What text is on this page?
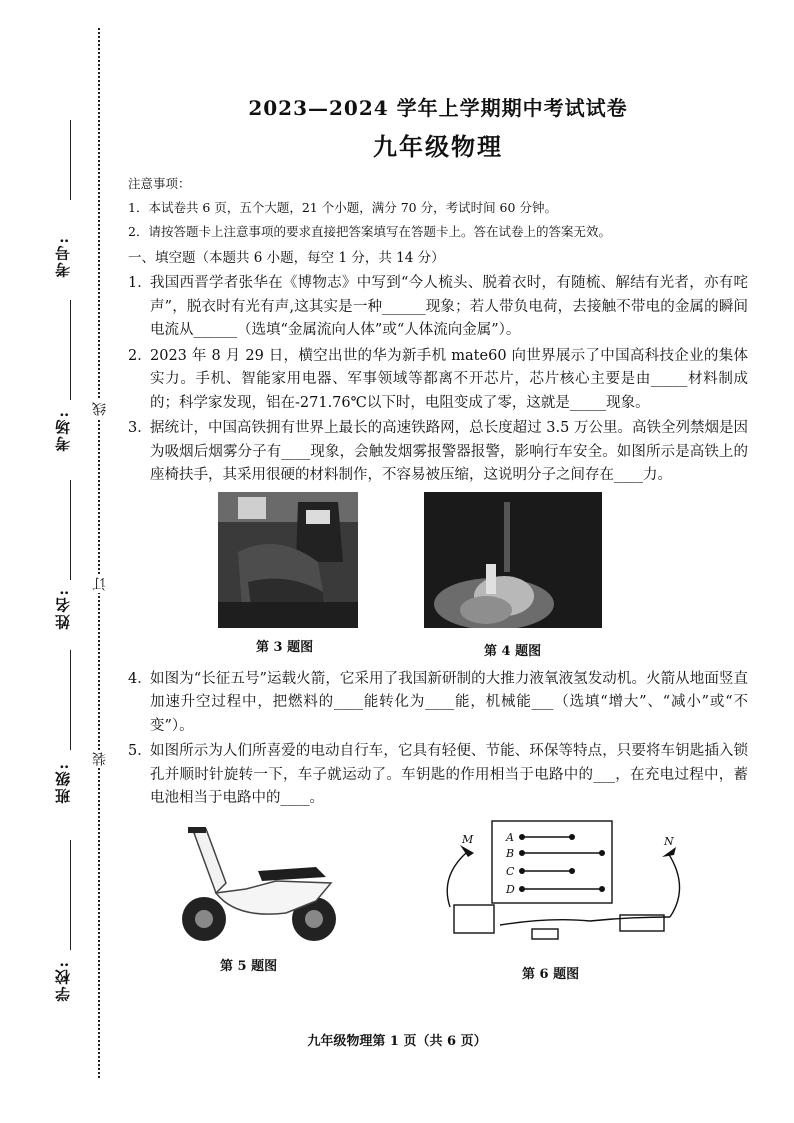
考号:
考场:
姓名:
班级:
学校:
线
订
装
2023—2024 学年上学期期中考试试卷
九年级物理
注意事项：
1．本试卷共 6 页，五个大题，21 个小题，满分 70 分，考试时间 60 分钟。
2．请按答题卡上注意事项的要求直接把答案填写在答题卡上。答在试卷上的答案无效。
一、填空题（本题共 6 小题，每空 1 分，共 14 分）
1．
我国西晋学者张华在《博物志》中写到“今人梳头、脱着衣时，有随梳、解结有光者，亦有咤声”，脱衣时有光有声,这其实是一种______现象；若人带负电荷，去接触不带电的金属的瞬间电流从______（选填“金属流向人体”或“人体流向金属”）。
2．
2023 年 8 月 29 日，横空出世的华为新手机 mate60 向世界展示了中国高科技企业的集体实力。手机、智能家用电器、军事领域等都离不开芯片，芯片核心主要是由_____材料制成的；科学家发现，铝在-271.76℃以下时，电阻变成了零，这就是_____现象。
3．
据统计，中国高铁拥有世界上最长的高速铁路网，总长度超过 3.5 万公里。高铁全列禁烟是因为吸烟后烟雾分子有____现象，会触发烟雾报警器报警，影响行车安全。如图所示是高铁上的座椅扶手，其采用很硬的材料制作，不容易被压缩，这说明分子之间存在____力。
第 3 题图	第 4 题图
4．
如图为“长征五号”运载火箭，它采用了我国新研制的大推力液氧液氢发动机。火箭从地面竖直加速升空过程中，把燃料的____能转化为____能，机械能___（选填“增大”、“减小”或“不变”）。
5．
如图所示为人们所喜爱的电动自行车，它具有轻便、节能、环保等特点，只要将车钥匙插入锁孔并顺时针旋转一下，车子就运动了。车钥匙的作用相当于电路中的___，在充电过程中，蓄电池相当于电路中的____。
第 5 题图
A
B
C
D
M	N
第 6 题图
九年级物理第 1 页（共 6 页）
